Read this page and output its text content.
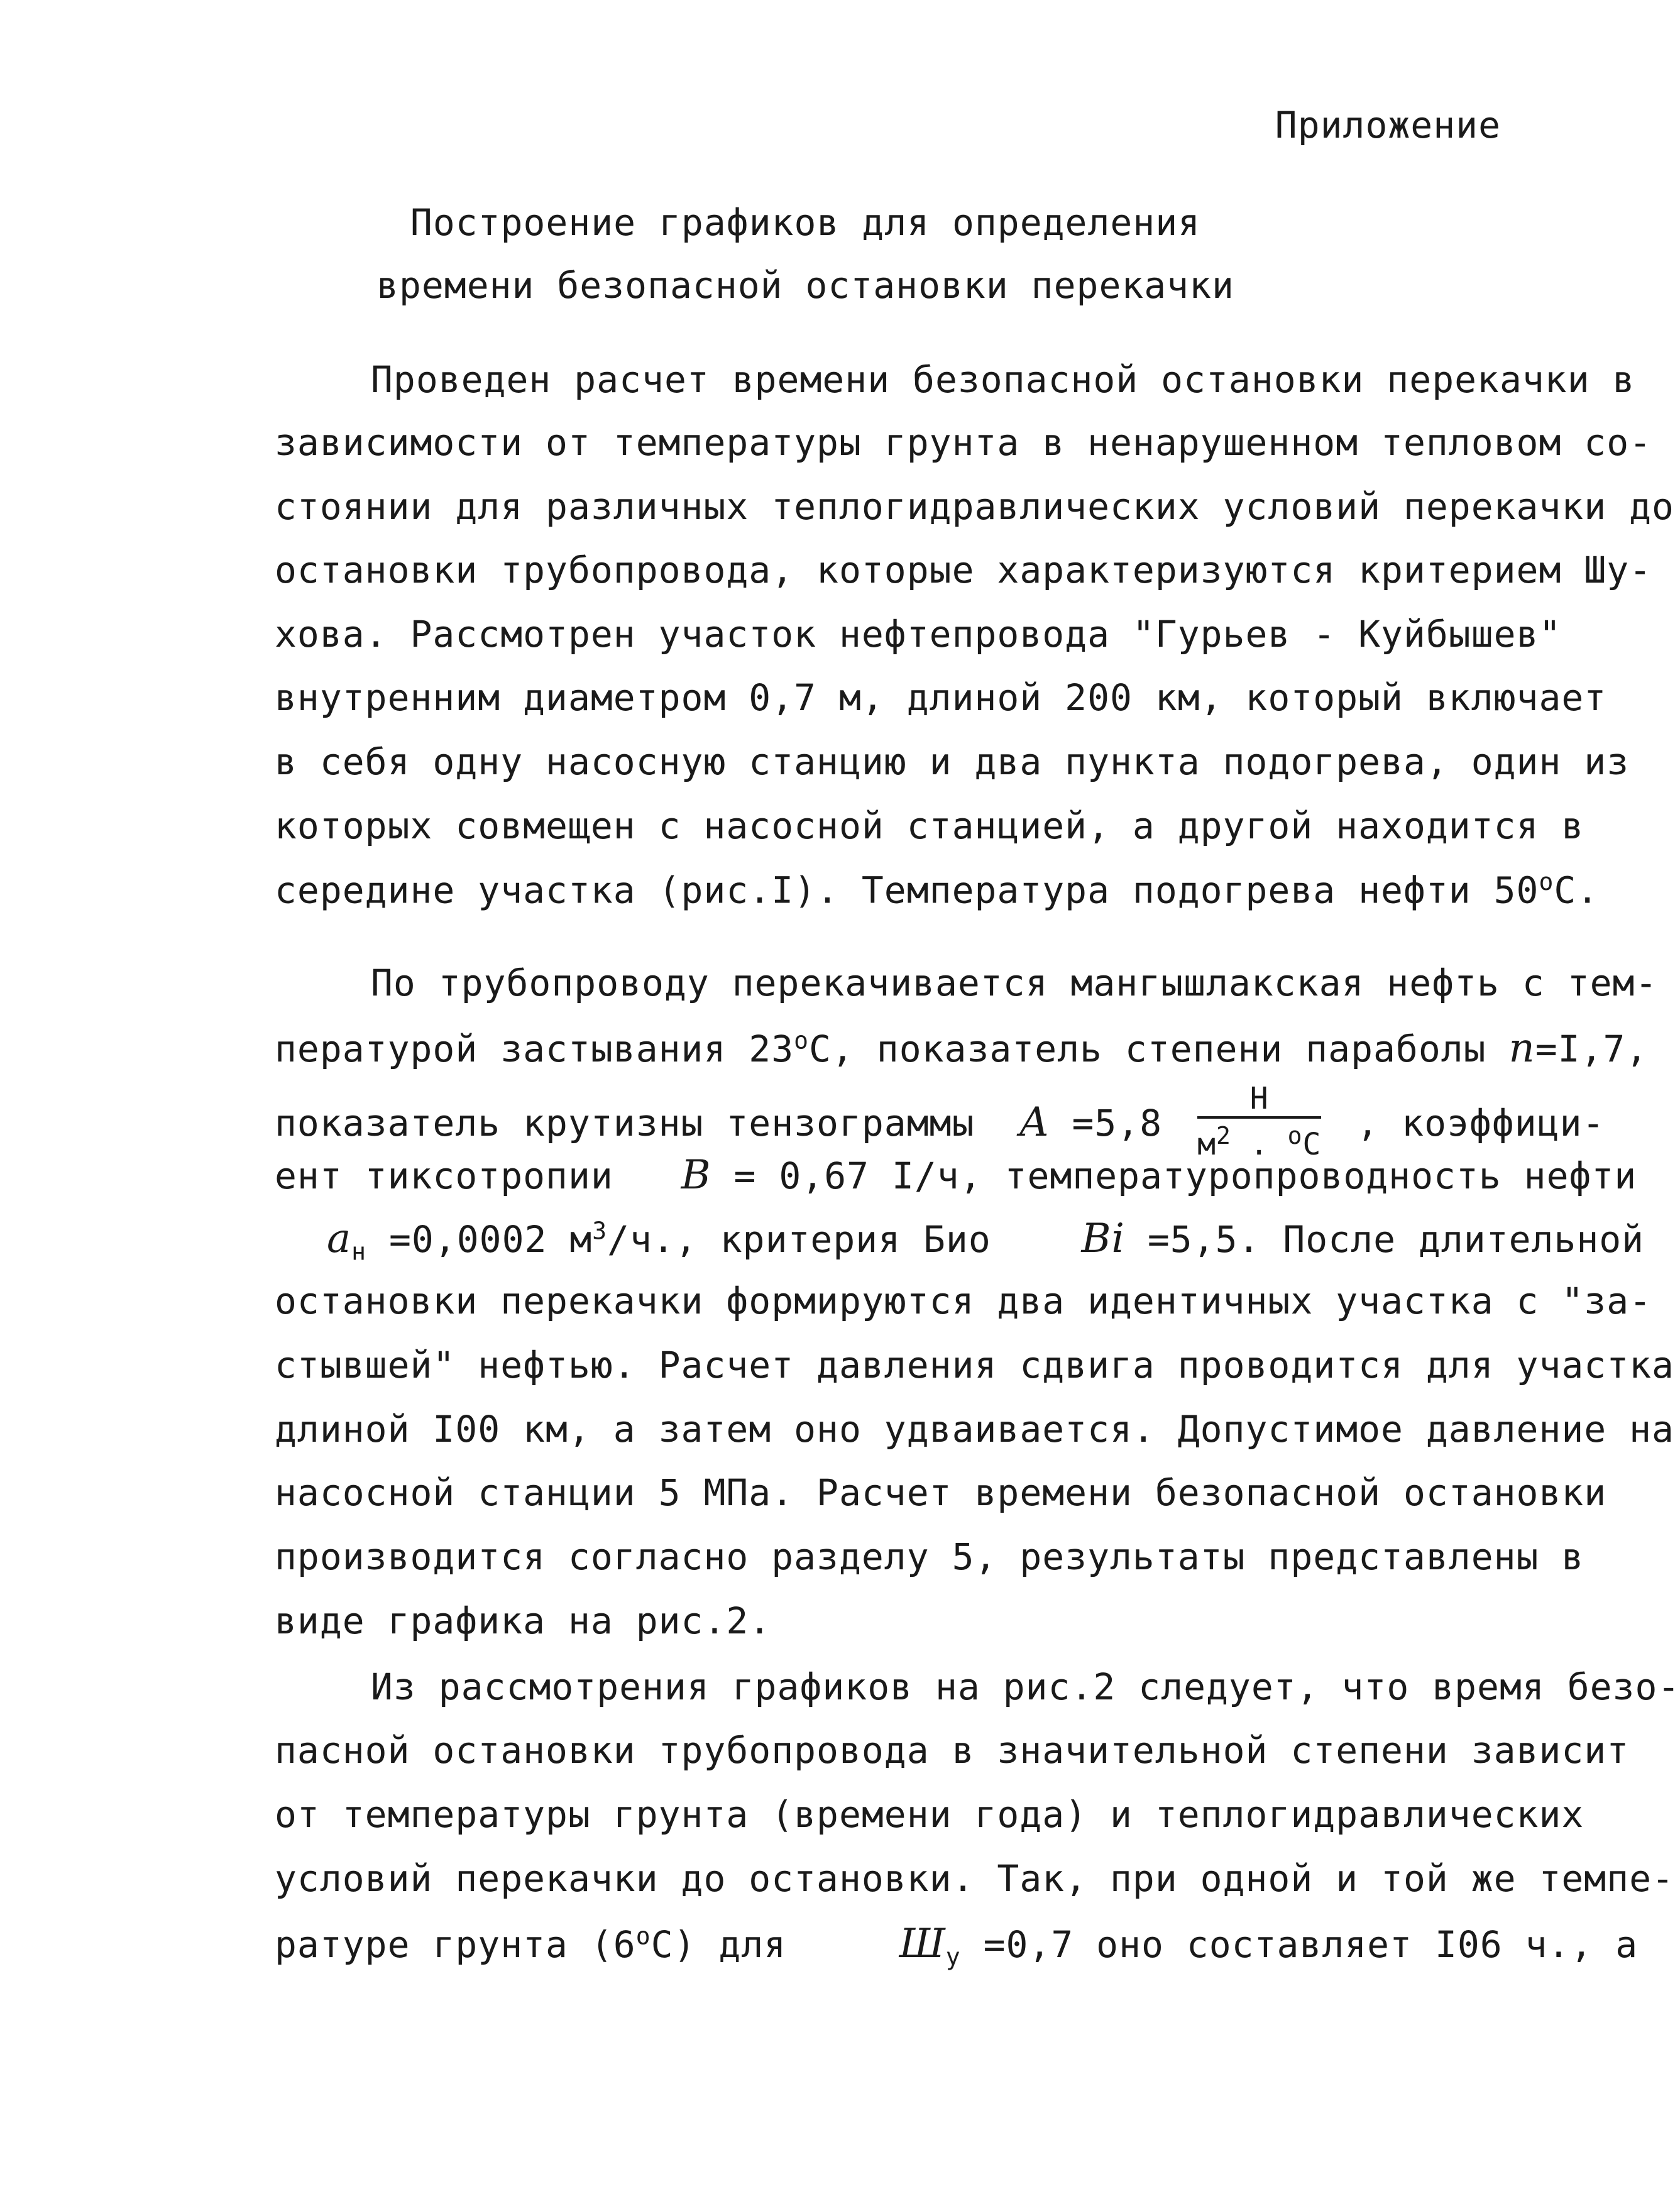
Приложение
Построение графиков для определения
времени безопасной остановки перекачки
Проведен расчет времени безопасной остановки перекачки в
зависимости от температуры грунта в ненарушенном тепловом со-
стоянии для различных теплогидравлических условий перекачки до
остановки трубопровода, которые характеризуются критерием Шу-
хова. Рассмотрен участок нефтепровода "Гурьев - Куйбышев"
внутренним диаметром 0,7 м, длиной 200 км, который включает
в себя одну насосную станцию и два пункта подогрева, один из
которых совмещен с насосной станцией, а другой находится в
середине участка (рис.I). Температура подогрева нефти 50$^o$С.
По трубопроводу перекачивается мангышлакская нефть с тем-
пературой застывания 23$^o$С, показатель степени параболы n=I,7,
показатель крутизны тензограммы $A =5,8 \frac{Н}{м^2 . ^oС}$ , коэффици-
ент тиксотропии B = 0,67 I/ч, температуропроводность нефти
$a_н =0,0002$ $м^3/ч$., критерия Био Bi =5,5. После длительной
остановки перекачки формируются два идентичных участка с "за-
стывшей" нефтью. Расчет давления сдвига проводится для участка
длиной I00 км, а затем оно удваивается. Допустимое давление на
насосной станции 5 МПа. Расчет времени безопасной остановки
производится согласно разделу 5, результаты представлены в
виде графика на рис.2.
Из рассмотрения графиков на рис.2 следует, что время безо-
пасной остановки трубопровода в значительной степени зависит
от температуры грунта (времени года) и теплогидравлических
условий перекачки до остановки. Так, при одной и той же темпе-
ратуре грунта (6$^o$С) для	$Ш_у =0,7$ оно составляет I06 ч., а
